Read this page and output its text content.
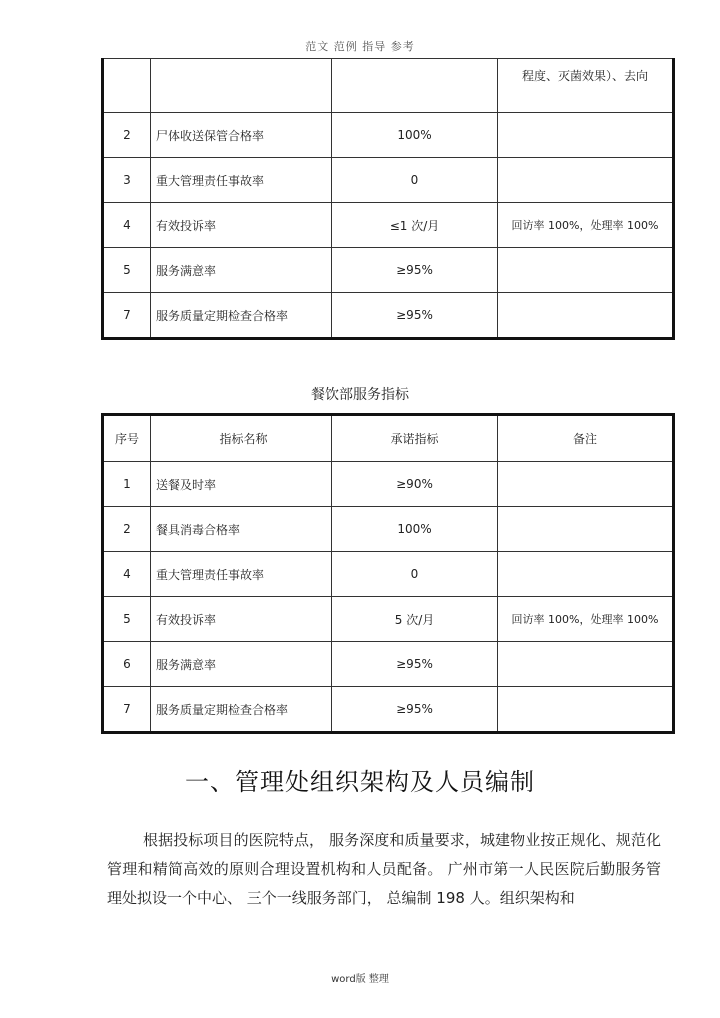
范文 范例 指导 参考
			程度、灭菌效果）、去向
2	尸体收送保管合格率	100%	
3	重大管理责任事故率	0	
4	有效投诉率	≤1 次/月	回访率 100%，处理率 100%
5	服务满意率	≥95%	
7	服务质量定期检查合格率	≥95%	
餐饮部服务指标
序号	指标名称	承诺指标	备注
1	送餐及时率	≥90%	
2	餐具消毒合格率	100%	
4	重大管理责任事故率	0	
5	有效投诉率	5 次/月	回访率 100%，处理率 100%
6	服务满意率	≥95%	
7	服务质量定期检查合格率	≥95%	
一、管理处组织架构及人员编制

根据投标项目的医院特点， 服务深度和质量要求，城建物业按正规化、规范化管理和精简高效的原则合理设置机构和人员配备。 广州市第一人民医院后勤服务管理处拟设一个中心、 三个一线服务部门， 总编制 198 人。组织架构和

word版 整理
